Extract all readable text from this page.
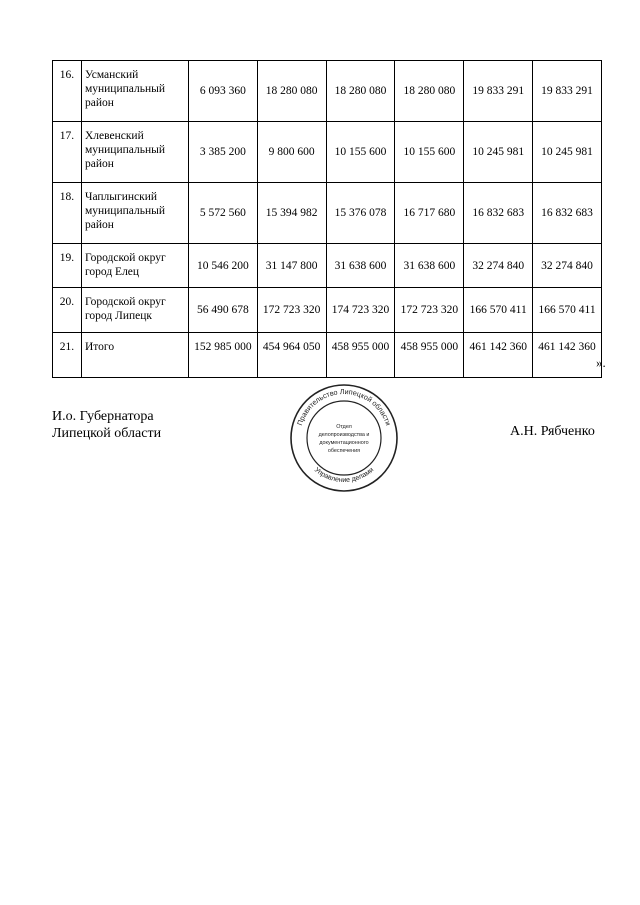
16.	Усманский муниципальный район	6 093 360	18 280 080	18 280 080	18 280 080	19 833 291	19 833 291
17.	Хлевенский муниципальный район	3 385 200	9 800 600	10 155 600	10 155 600	10 245 981	10 245 981
18.	Чаплыгинский муниципальный район	5 572 560	15 394 982	15 376 078	16 717 680	16 832 683	16 832 683
19.	Городской округ город Елец	10 546 200	31 147 800	31 638 600	31 638 600	32 274 840	32 274 840
20.	Городской округ город Липецк	56 490 678	172 723 320	174 723 320	172 723 320	166 570 411	166 570 411
21.	Итого	152 985 000	454 964 050	458 955 000	458 955 000	461 142 360	461 142 360
».
И.о. Губернатора
Липецкой области	А.Н. Рябченко
Правительство Липецкой области
Управление делами
Отдел
делопроизводства и
документационного
обеспечения
